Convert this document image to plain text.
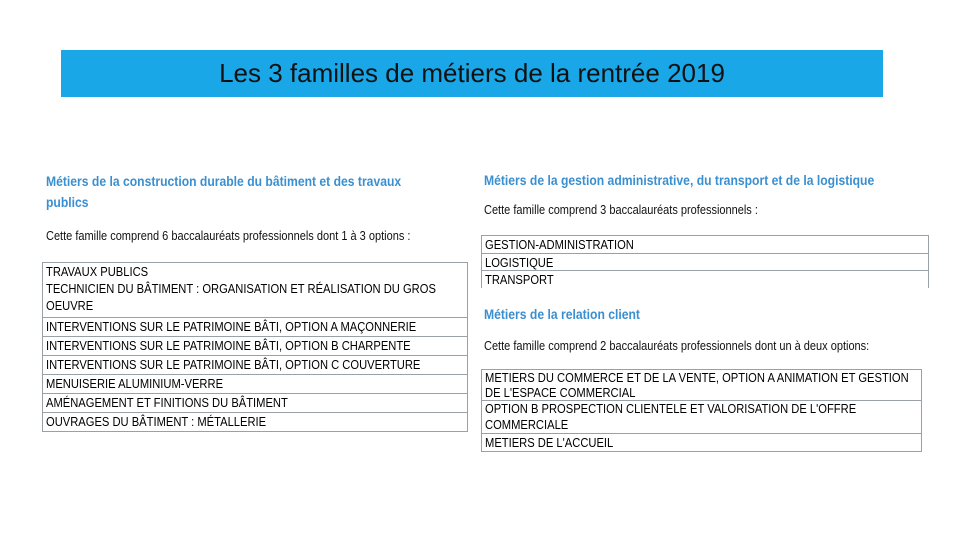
Les 3 familles de métiers de la rentrée 2019
Métiers de la construction durable du bâtiment et des travaux publics
Cette famille comprend 6 baccalauréats professionnels dont 1 à 3 options :
TRAVAUX PUBLICS
TECHNICIEN DU BÂTIMENT : ORGANISATION ET RÉALISATION DU GROS OEUVRE
INTERVENTIONS SUR LE PATRIMOINE BÂTI, OPTION A MAÇONNERIE
INTERVENTIONS SUR LE PATRIMOINE BÂTI, OPTION B CHARPENTE
INTERVENTIONS SUR LE PATRIMOINE BÂTI, OPTION C COUVERTURE
MENUISERIE ALUMINIUM-VERRE
AMÉNAGEMENT ET FINITIONS DU BÂTIMENT
OUVRAGES DU BÂTIMENT : MÉTALLERIE
Métiers de la gestion administrative, du transport et de la logistique
Cette famille comprend 3 baccalauréats professionnels :
GESTION-ADMINISTRATION
LOGISTIQUE
TRANSPORT
Métiers de la relation client
Cette famille comprend 2 baccalauréats professionnels dont un à deux options:
METIERS DU COMMERCE ET DE LA VENTE, OPTION A ANIMATION ET GESTION DE L'ESPACE COMMERCIAL
OPTION B PROSPECTION CLIENTELE ET VALORISATION DE L'OFFRE COMMERCIALE
METIERS DE L'ACCUEIL
